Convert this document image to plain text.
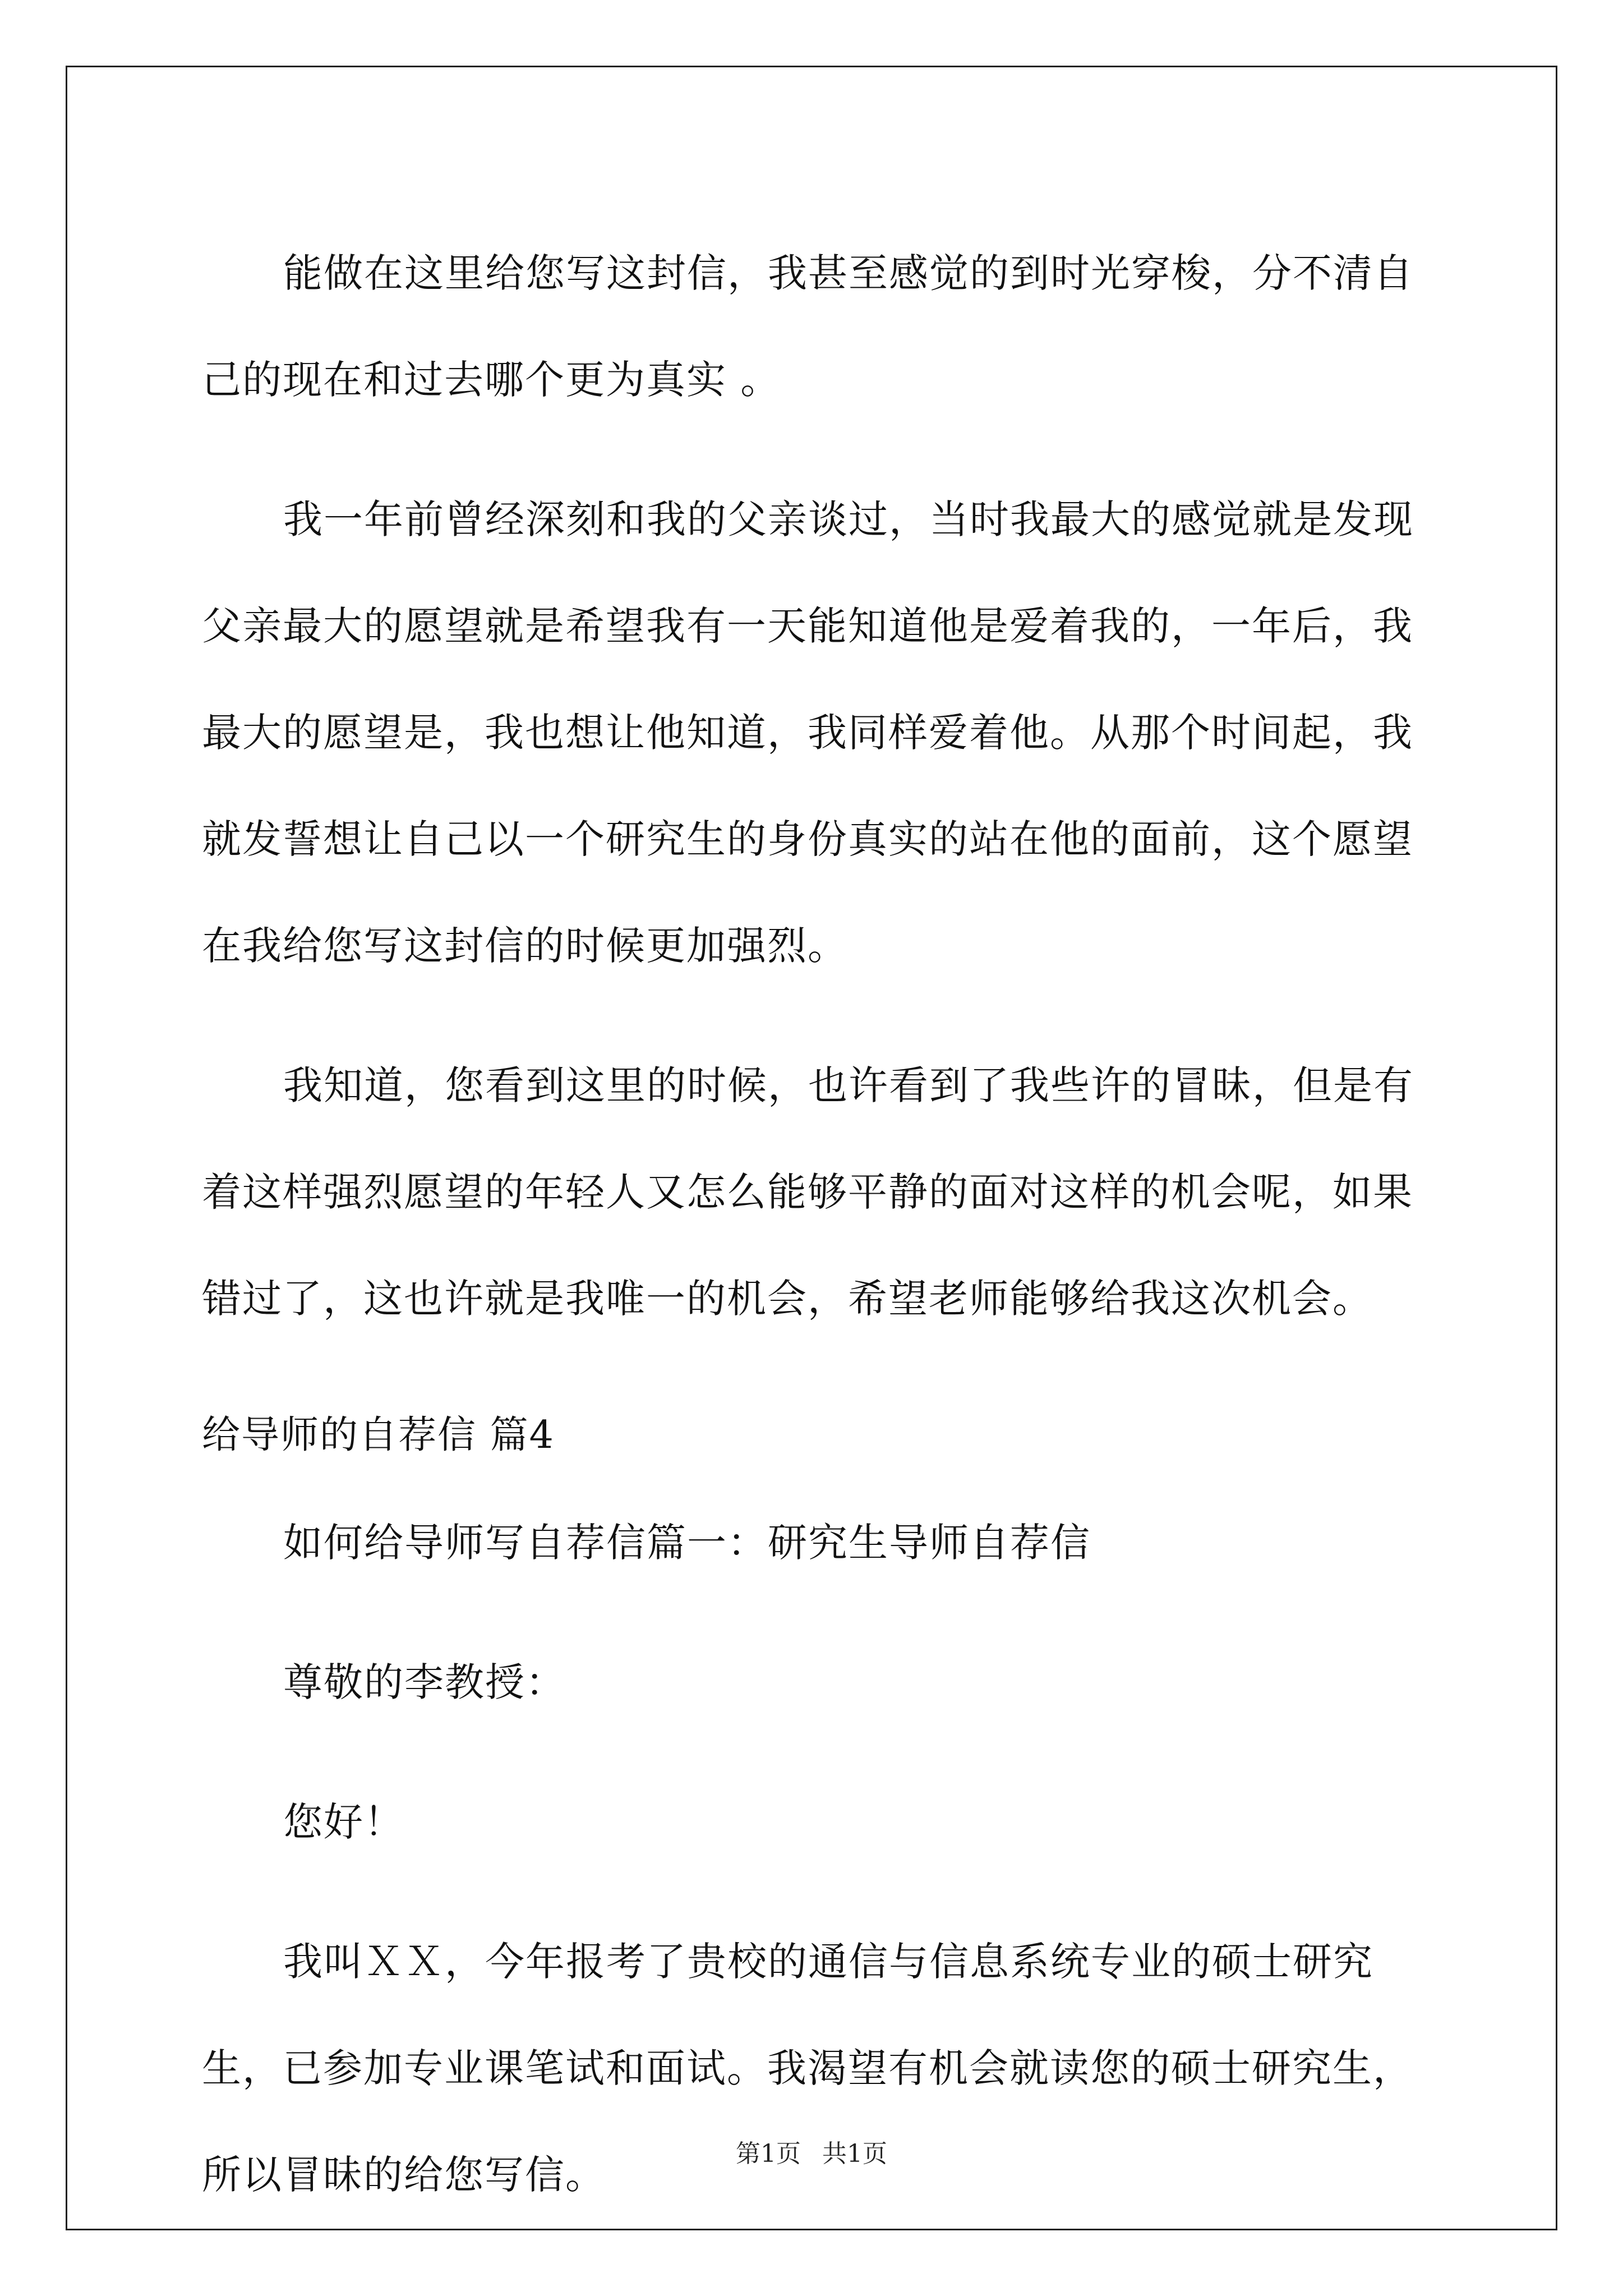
能做在这里给您写这封信，我甚至感觉的到时光穿梭，分不清自己的现在和过去哪个更为真实 。

我一年前曾经深刻和我的父亲谈过，当时我最大的感觉就是发现父亲最大的愿望就是希望我有一天能知道他是爱着我的，一年后，我最大的愿望是，我也想让他知道，我同样爱着他。从那个时间起，我就发誓想让自己以一个研究生的身份真实的站在他的面前，这个愿望在我给您写这封信的时候更加强烈。

我知道，您看到这里的时候，也许看到了我些许的冒昧，但是有着这样强烈愿望的年轻人又怎么能够平静的面对这样的机会呢，如果错过了，这也许就是我唯一的机会，希望老师能够给我这次机会。

给导师的自荐信 篇4

如何给导师写自荐信篇一：研究生导师自荐信

尊敬的李教授：

您好！

我叫ＸＸ，今年报考了贵校的通信与信息系统专业的硕士研究生，已参加专业课笔试和面试。我渴望有机会就读您的硕士研究生，所以冒昧的给您写信。	第1页 共1页
